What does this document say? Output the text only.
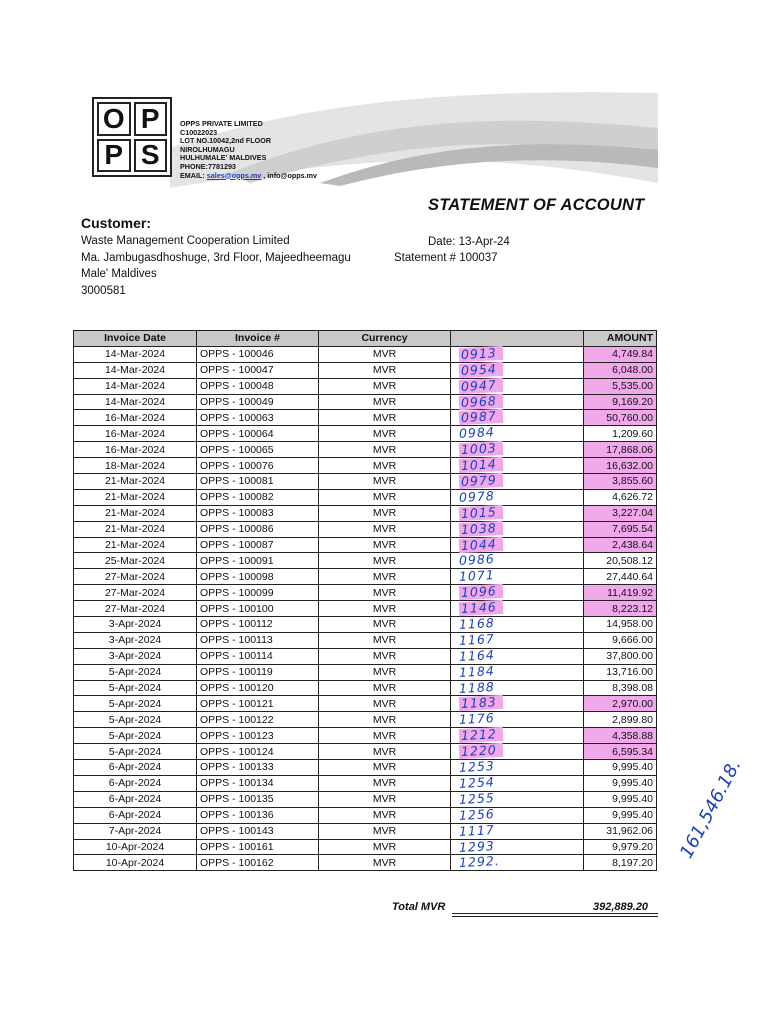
O P
P S
OPPS PRIVATE LIMITED
C10022023
LOT NO.10042,2nd FLOOR
NIROLHUMAGU
HULHUMALE' MALDIVES
PHONE:7781293
EMAIL: sales@opps.mv , info@opps.mv
STATEMENT OF ACCOUNT
Customer:
Waste Management Cooperation Limited
Ma. Jambugasdhoshuge, 3rd Floor, Majeedheemagu
Male' Maldives
3000581
Date: 13-Apr-24
Statement # 100037
Invoice Date	Invoice #	Currency		AMOUNT
14-Mar-2024	OPPS - 100046	MVR	0913	4,749.84
14-Mar-2024	OPPS - 100047	MVR	0954	6,048.00
14-Mar-2024	OPPS - 100048	MVR	0947	5,535.00
14-Mar-2024	OPPS - 100049	MVR	0968	9,169.20
16-Mar-2024	OPPS - 100063	MVR	0987	50,760.00
16-Mar-2024	OPPS - 100064	MVR	0984	1,209.60
16-Mar-2024	OPPS - 100065	MVR	1003	17,868.06
18-Mar-2024	OPPS - 100076	MVR	1014	16,632.00
21-Mar-2024	OPPS - 100081	MVR	0979	3,855.60
21-Mar-2024	OPPS - 100082	MVR	0978	4,626.72
21-Mar-2024	OPPS - 100083	MVR	1015	3,227.04
21-Mar-2024	OPPS - 100086	MVR	1038	7,695.54
21-Mar-2024	OPPS - 100087	MVR	1044	2,438.64
25-Mar-2024	OPPS - 100091	MVR	0986	20,508.12
27-Mar-2024	OPPS - 100098	MVR	1071	27,440.64
27-Mar-2024	OPPS - 100099	MVR	1096	11,419.92
27-Mar-2024	OPPS - 100100	MVR	1146	8,223.12
3-Apr-2024	OPPS - 100112	MVR	1168	14,958.00
3-Apr-2024	OPPS - 100113	MVR	1167	9,666.00
3-Apr-2024	OPPS - 100114	MVR	1164	37,800.00
5-Apr-2024	OPPS - 100119	MVR	1184	13,716.00
5-Apr-2024	OPPS - 100120	MVR	1188	8,398.08
5-Apr-2024	OPPS - 100121	MVR	1183	2,970.00
5-Apr-2024	OPPS - 100122	MVR	1176	2,899.80
5-Apr-2024	OPPS - 100123	MVR	1212	4,358.88
5-Apr-2024	OPPS - 100124	MVR	1220	6,595.34
6-Apr-2024	OPPS - 100133	MVR	1253	9,995.40
6-Apr-2024	OPPS - 100134	MVR	1254	9,995.40
6-Apr-2024	OPPS - 100135	MVR	1255	9,995.40
6-Apr-2024	OPPS - 100136	MVR	1256	9,995.40
7-Apr-2024	OPPS - 100143	MVR	1117	31,962.06
10-Apr-2024	OPPS - 100161	MVR	1293	9,979.20
10-Apr-2024	OPPS - 100162	MVR	1292.	8,197.20
Total MVR	392,889.20
161,546.18.
